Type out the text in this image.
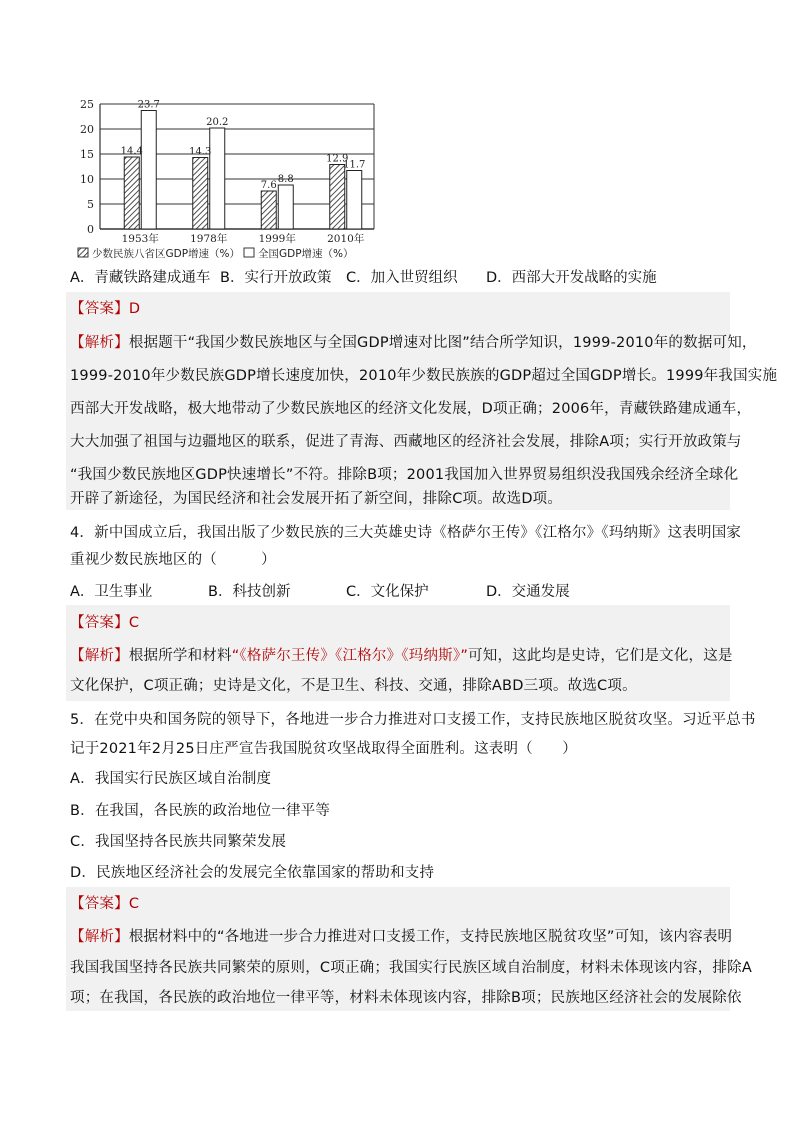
0
5
10
15
20
25
14.4
23.7
1953年
14.3
20.2
1978年
7.6
8.8
1999年
12.9
11.7
2010年
少数民族八省区GDP增速（%） 全国GDP增速（%）
A．青藏铁路建成通车 B．实行开放政策 C．加入世贸组织 D．西部大开发战略的实施
【答案】D
【解析】根据题干“我国少数民族地区与全国GDP增速对比图”结合所学知识，1999-2010年的数据可知，
1999-2010年少数民族GDP增长速度加快，2010年少数民族族的GDP超过全国GDP增长。1999年我国实施
西部大开发战略，极大地带动了少数民族地区的经济文化发展，D项正确；2006年，青藏铁路建成通车，
大大加强了祖国与边疆地区的联系，促进了青海、西藏地区的经济社会发展，排除A项；实行开放政策与
“我国少数民族地区GDP快速增长”不符。排除B项；2001我国加入世界贸易组织没我国残余经济全球化
开辟了新途径，为国民经济和社会发展开拓了新空间，排除C项。故选D项。
4．新中国成立后，我国出版了少数民族的三大英雄史诗《格萨尔王传》《江格尔》《玛纳斯》这表明国家
重视少数民族地区的（　　　）
A．卫生事业	B．科技创新	C．文化保护	D．交通发展
【答案】C
【解析】根据所学和材料“《格萨尔王传》《江格尔》《玛纳斯》”可知，这此均是史诗，它们是文化，这是
文化保护，C项正确；史诗是文化，不是卫生、科技、交通，排除ABD三项。故选C项。
5．在党中央和国务院的领导下，各地进一步合力推进对口支援工作，支持民族地区脱贫攻坚。习近平总书
记于2021年2月25日庄严宣告我国脱贫攻坚战取得全面胜利。这表明（　　）
A．我国实行民族区域自治制度
B．在我国，各民族的政治地位一律平等
C．我国坚持各民族共同繁荣发展
D．民族地区经济社会的发展完全依靠国家的帮助和支持
【答案】C
【解析】根据材料中的“各地进一步合力推进对口支援工作，支持民族地区脱贫攻坚”可知，该内容表明
我国我国坚持各民族共同繁荣的原则，C项正确；我国实行民族区域自治制度，材料未体现该内容，排除A
项；在我国，各民族的政治地位一律平等，材料未体现该内容，排除B项；民族地区经济社会的发展除依
